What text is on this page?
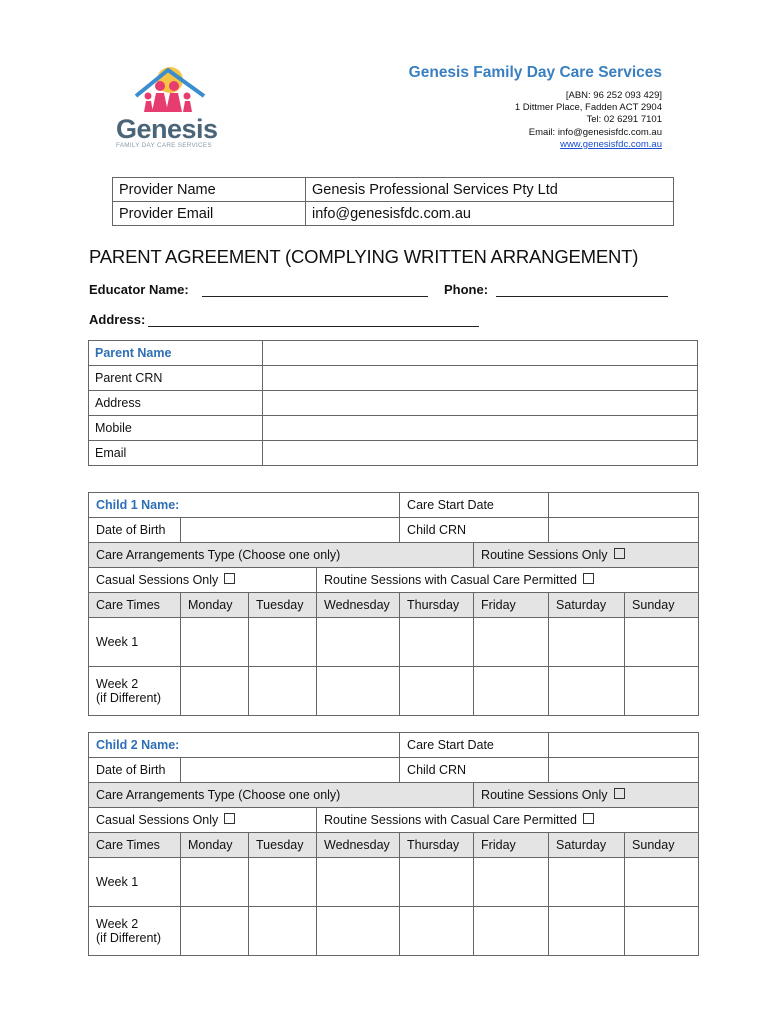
Genesis
FAMILY DAY CARE SERVICES
Genesis Family Day Care Services
[ABN: 96 252 093 429]
1 Dittmer Place, Fadden ACT 2904
Tel: 02 6291 7101
Email: info@genesisfdc.com.au
www.genesisfdc.com.au
Provider Name	Genesis Professional Services Pty Ltd
Provider Email	info@genesisfdc.com.au
PARENT AGREEMENT (COMPLYING WRITTEN ARRANGEMENT)
Educator Name:	Phone:
Address:
Parent Name	
Parent CRN	
Address	
Mobile	
Email	
Child 1 Name:				Care Start Date			
Date of Birth				Child CRN			
Care Arrangements Type (Choose one only)					Routine Sessions Only		
Casual Sessions Only			Routine Sessions with Casual Care Permitted				
Care Times	Monday	Tuesday	Wednesday	Thursday	Friday	Saturday	Sunday
Week 1							

Week 2
(if Different)							

Child 2 Name:				Care Start Date			
Date of Birth				Child CRN			
Care Arrangements Type (Choose one only)					Routine Sessions Only		
Casual Sessions Only			Routine Sessions with Casual Care Permitted				
Care Times	Monday	Tuesday	Wednesday	Thursday	Friday	Saturday	Sunday
Week 1							

Week 2
(if Different)							
